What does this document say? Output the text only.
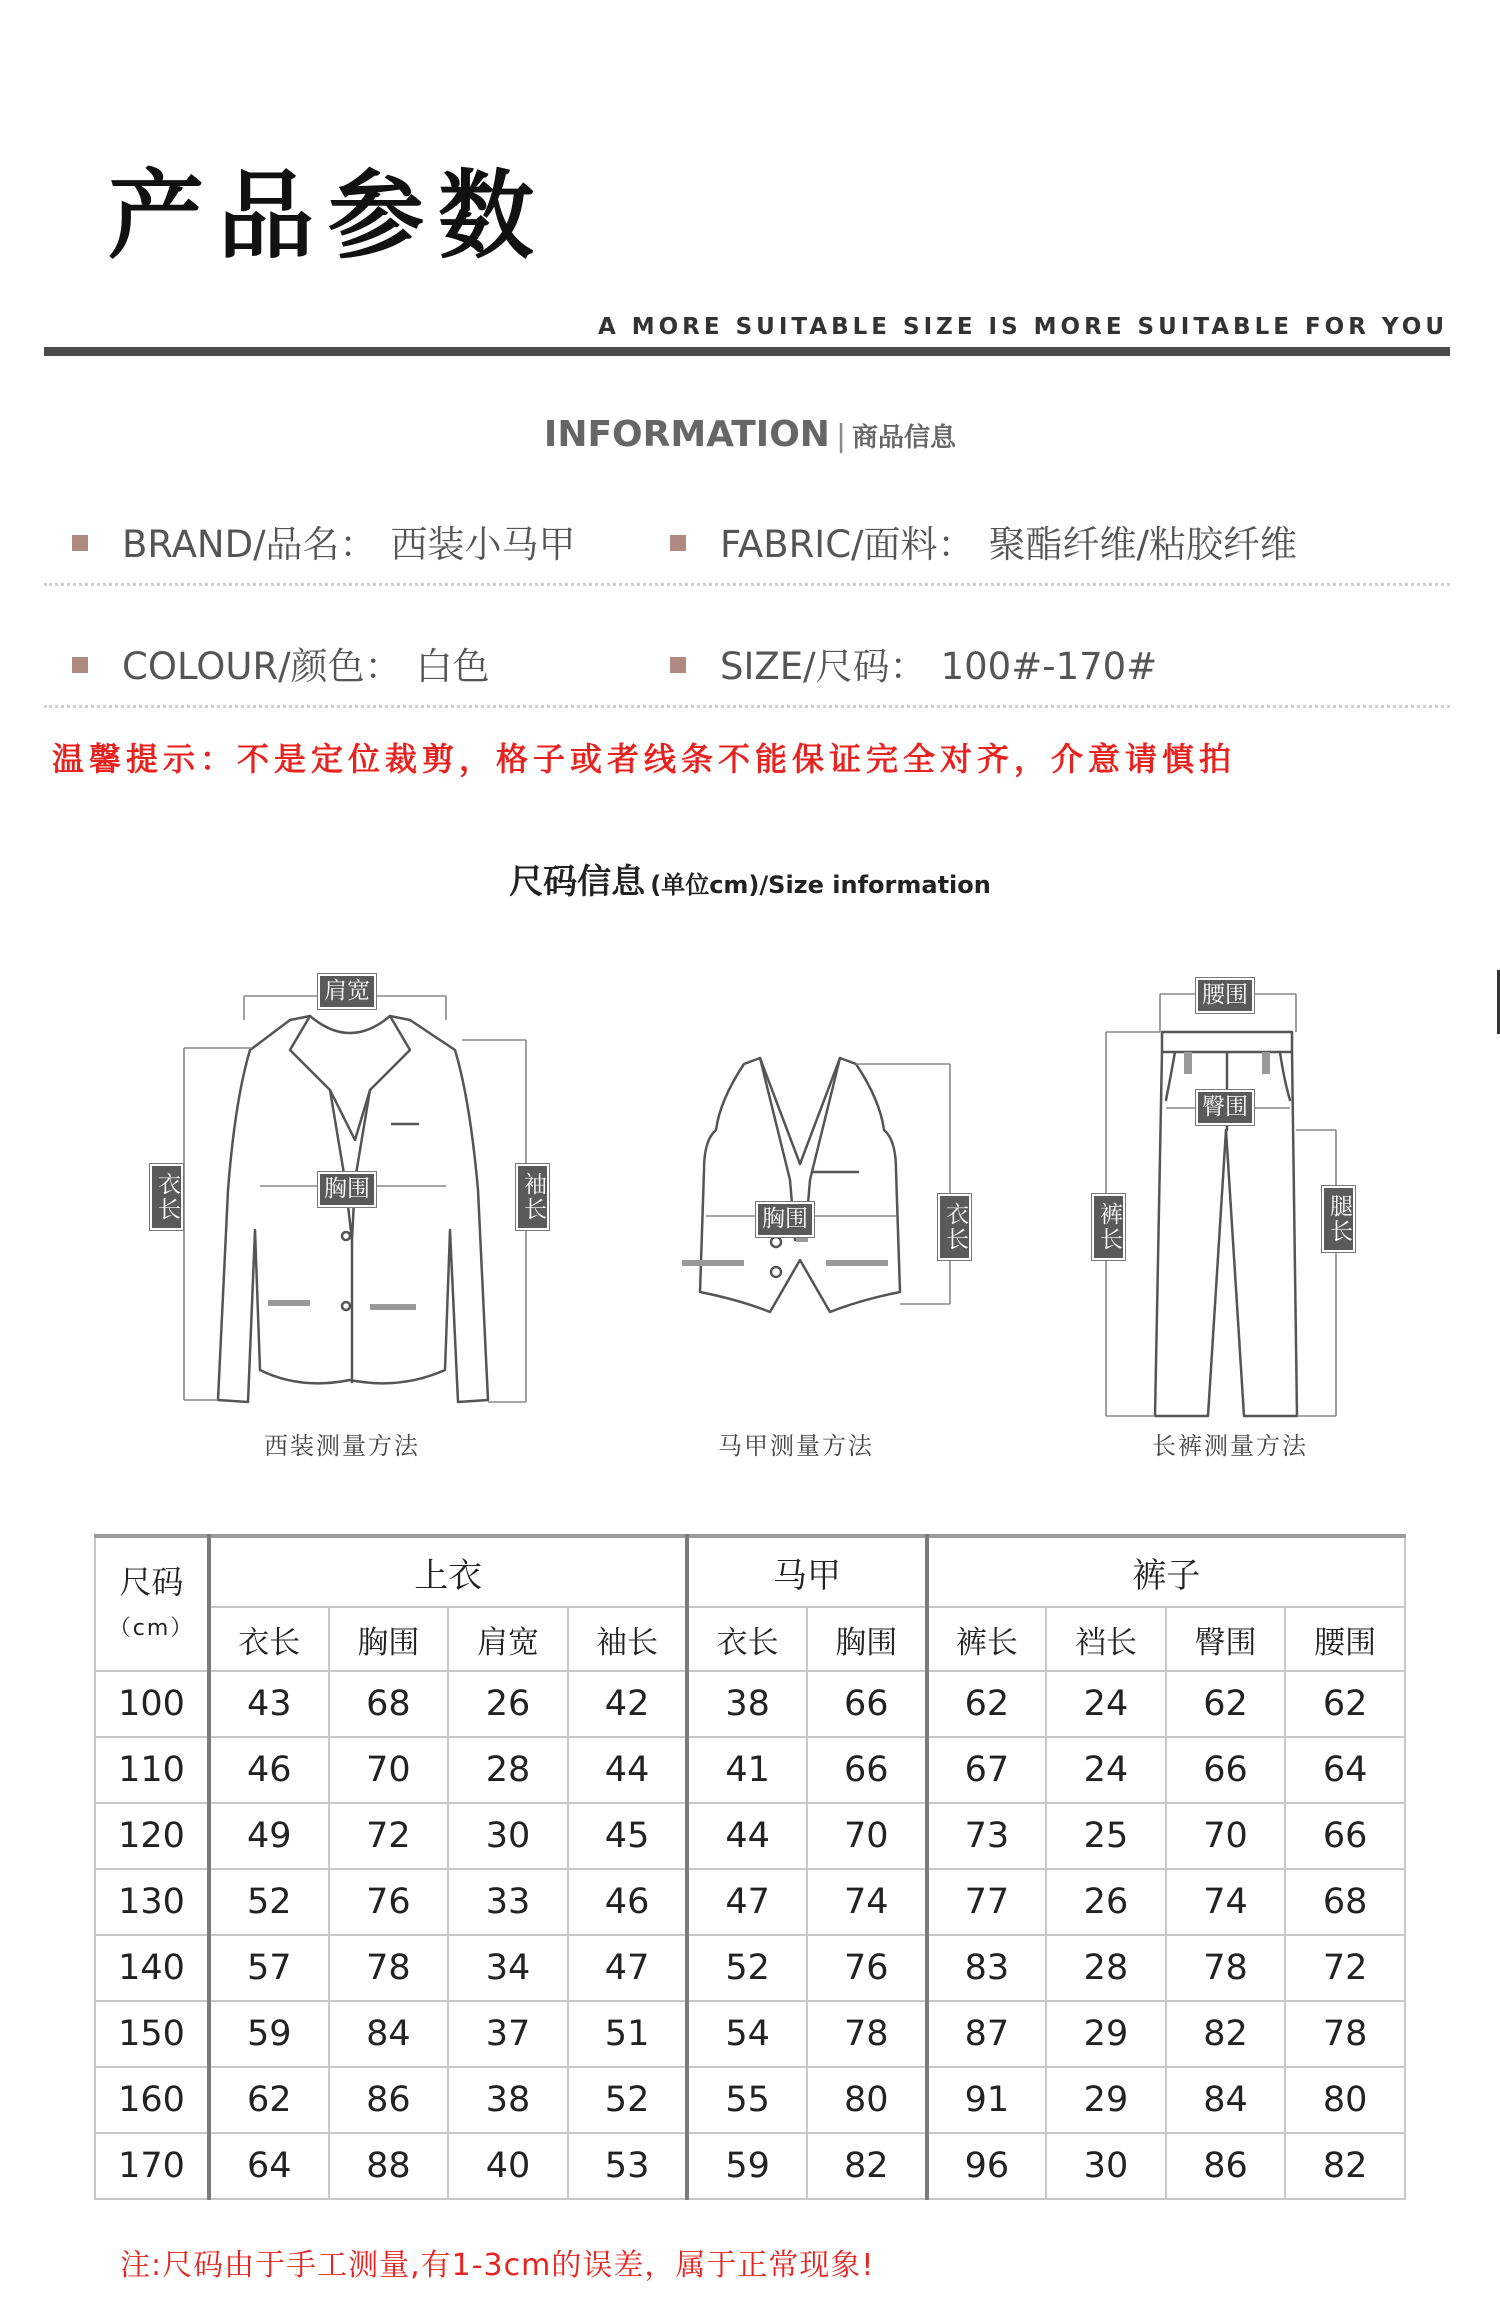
产品参数
A MORE SUITABLE SIZE IS MORE SUITABLE FOR YOU
INFORMATION | 商品信息
BRAND/品名： 西装小马甲	FABRIC/面料： 聚酯纤维/粘胶纤维
COLOUR/颜色： 白色	SIZE/尺码： 100#-170#
温馨提示：不是定位裁剪，格子或者线条不能保证完全对齐，介意请慎拍
尺码信息 (单位cm)/Size information
肩宽
胸围
衣长	袖长
西装测量方法
胸围	衣长
马甲测量方法
腰围
臀围
裤长	腿长
长裤测量方法
尺码
（cm）	上衣				马甲		裤子			
	衣长	胸围	肩宽	袖长	衣长	胸围	裤长	裆长	臀围	腰围
100	43	68	26	42	38	66	62	24	62	62
110	46	70	28	44	41	66	67	24	66	64
120	49	72	30	45	44	70	73	25	70	66
130	52	76	33	46	47	74	77	26	74	68
140	57	78	34	47	52	76	83	28	78	72
150	59	84	37	51	54	78	87	29	82	78
160	62	86	38	52	55	80	91	29	84	80
170	64	88	40	53	59	82	96	30	86	82
注:尺码由于手工测量,有1-3cm的误差，属于正常现象!
